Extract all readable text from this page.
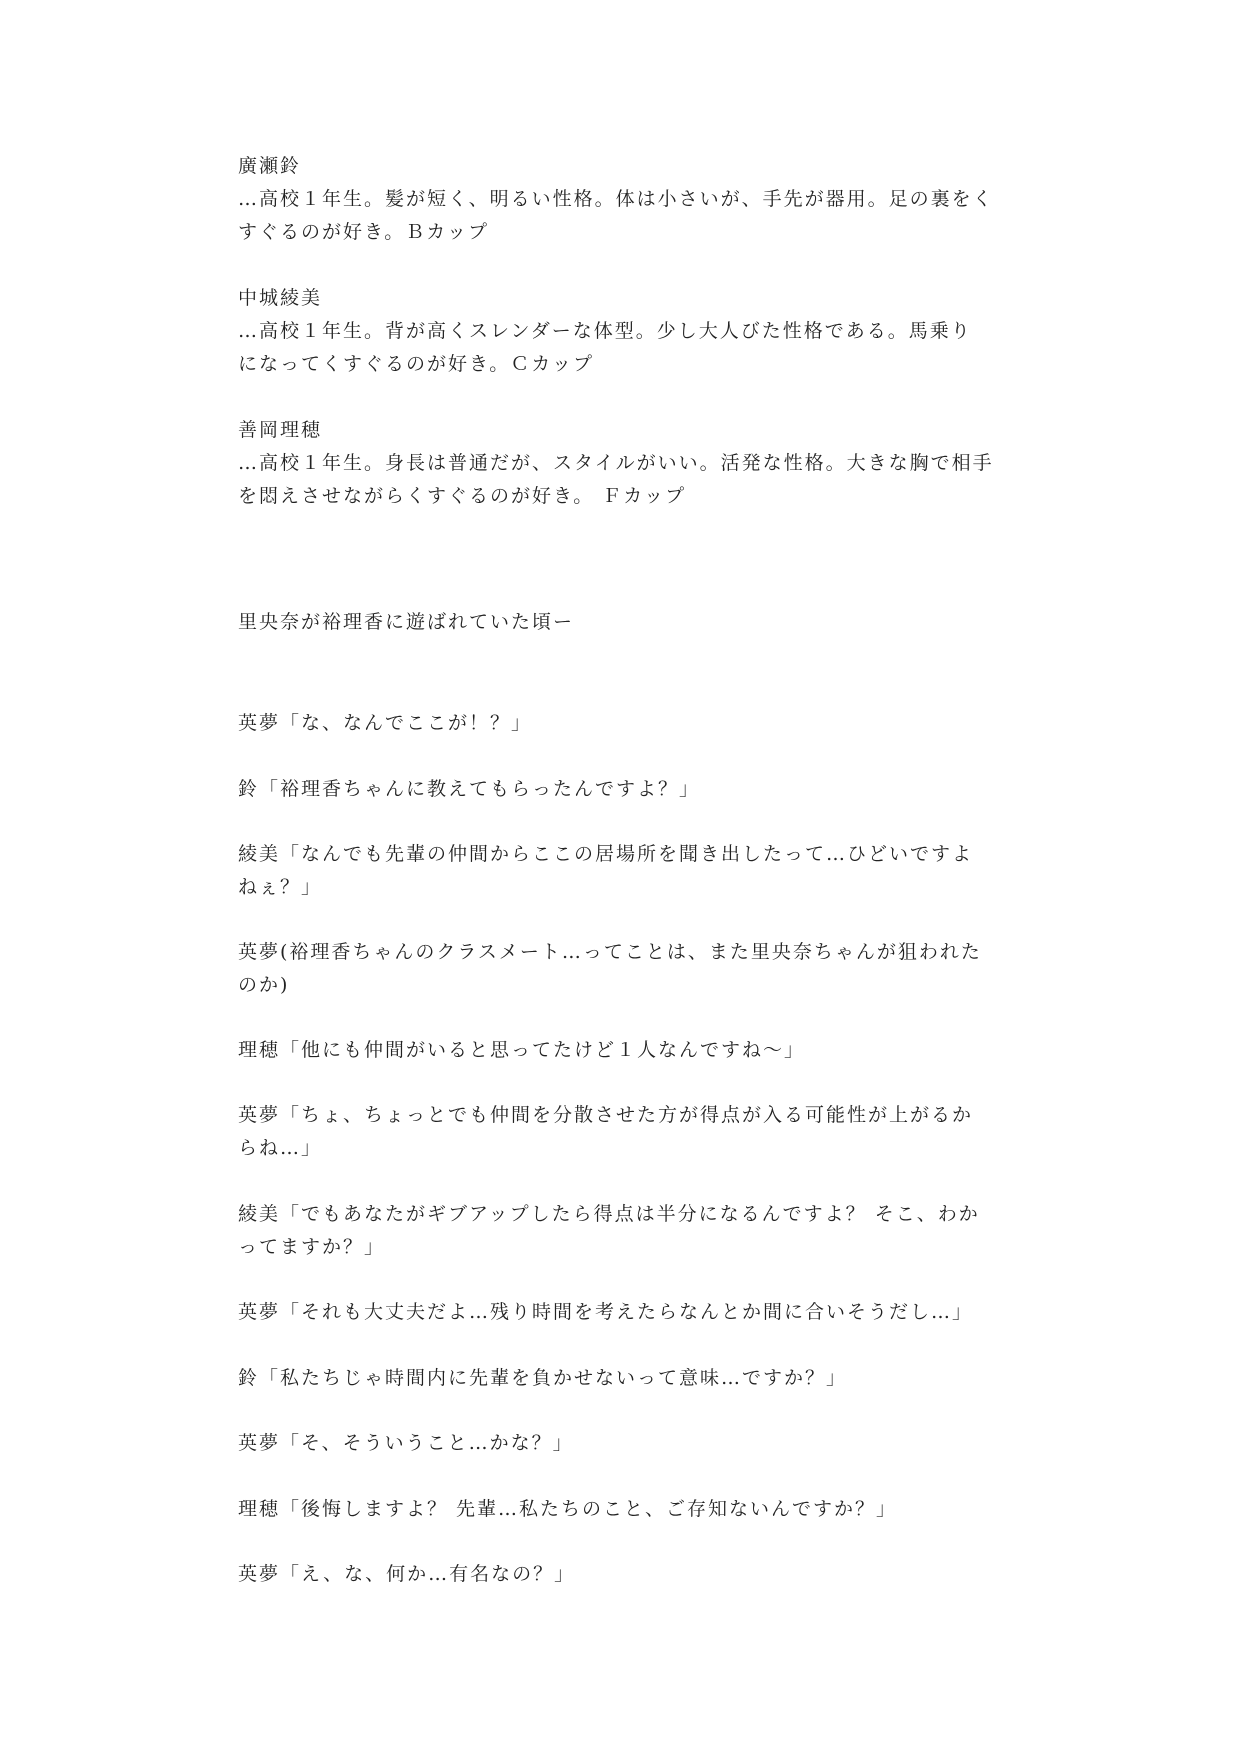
廣瀬鈴
…高校１年生。髪が短く、明るい性格。体は小さいが、手先が器用。足の裏をく
すぐるのが好き。Ｂカップ
中城綾美
…高校１年生。背が高くスレンダーな体型。少し大人びた性格である。馬乗り
になってくすぐるのが好き。Ｃカップ
善岡理穂
…高校１年生。身長は普通だが、スタイルがいい。活発な性格。大きな胸で相手
を悶えさせながらくすぐるのが好き。 Ｆカップ
里央奈が裕理香に遊ばれていた頃ー
英夢「な、なんでここが！？」
鈴「裕理香ちゃんに教えてもらったんですよ？」
綾美「なんでも先輩の仲間からここの居場所を聞き出したって…ひどいですよ
ねぇ？」
英夢(裕理香ちゃんのクラスメート…ってことは、また里央奈ちゃんが狙われた
のか)
理穂「他にも仲間がいると思ってたけど１人なんですね～」
英夢「ちょ、ちょっとでも仲間を分散させた方が得点が入る可能性が上がるか
らね…」
綾美「でもあなたがギブアップしたら得点は半分になるんですよ？ そこ、わか
ってますか？」
英夢「それも大丈夫だよ…残り時間を考えたらなんとか間に合いそうだし…」
鈴「私たちじゃ時間内に先輩を負かせないって意味…ですか？」
英夢「そ、そういうこと…かな？」
理穂「後悔しますよ？ 先輩…私たちのこと、ご存知ないんですか？」
英夢「え、な、何か…有名なの？」
